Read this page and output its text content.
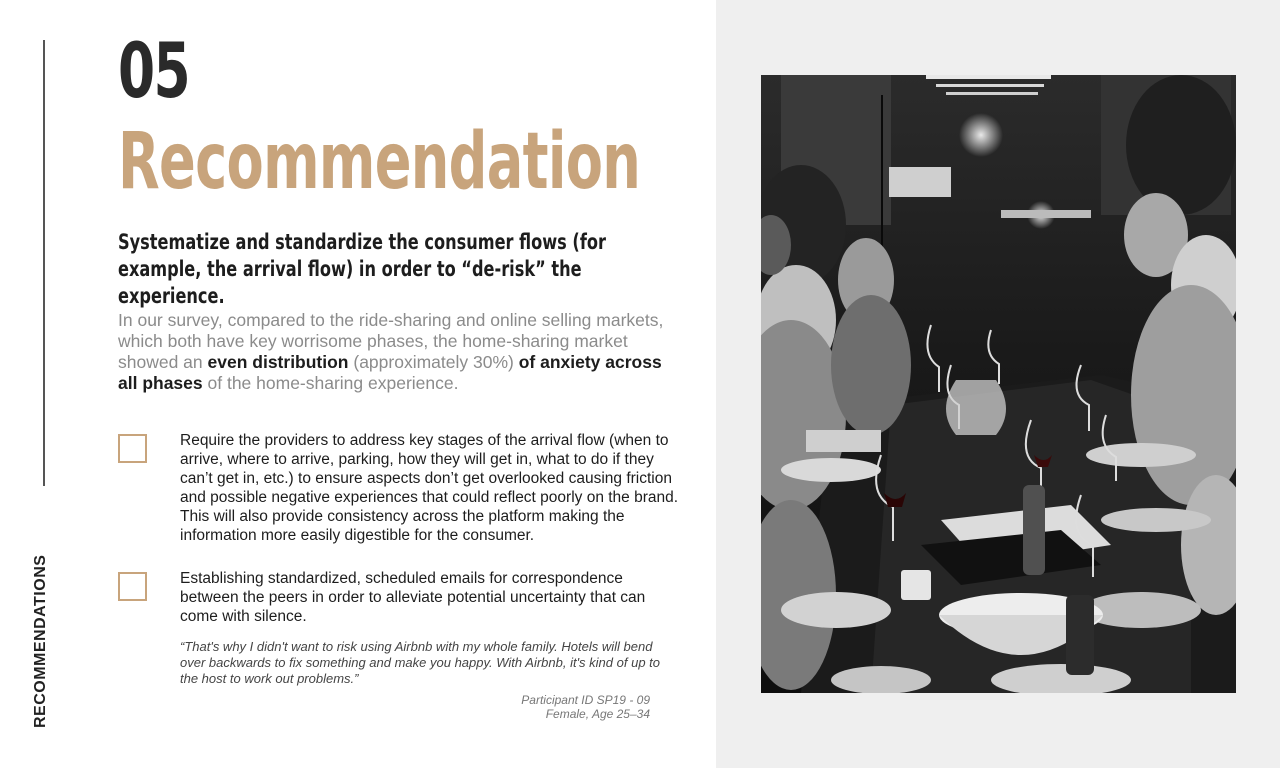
RECOMMENDATIONS
05
Recommendation
Systematize and standardize the consumer flows (for example, the arrival flow) in order to “de-risk” the experience.
In our survey, compared to the ride-sharing and online selling markets, which both have key worrisome phases, the home-sharing market showed an even distribution (approximately 30%) of anxiety across all phases of the home-sharing experience.
Require the providers to address key stages of the arrival flow (when to arrive, where to arrive, parking, how they will get in, what to do if they can’t get in, etc.) to ensure aspects don’t get overlooked causing friction and possible negative experiences that could reflect poorly on the brand. This will also provide consistency across the platform making the information more easily digestible for the consumer.
Establishing standardized, scheduled emails for correspondence between the peers in order to alleviate potential uncertainty that can come with silence.
“That's why I didn't want to risk using Airbnb with my whole family. Hotels will bend over backwards to fix something and make you happy. With Airbnb, it's kind of up to the host to work out problems.”
Participant ID SP19 - 09
Female, Age 25–34
